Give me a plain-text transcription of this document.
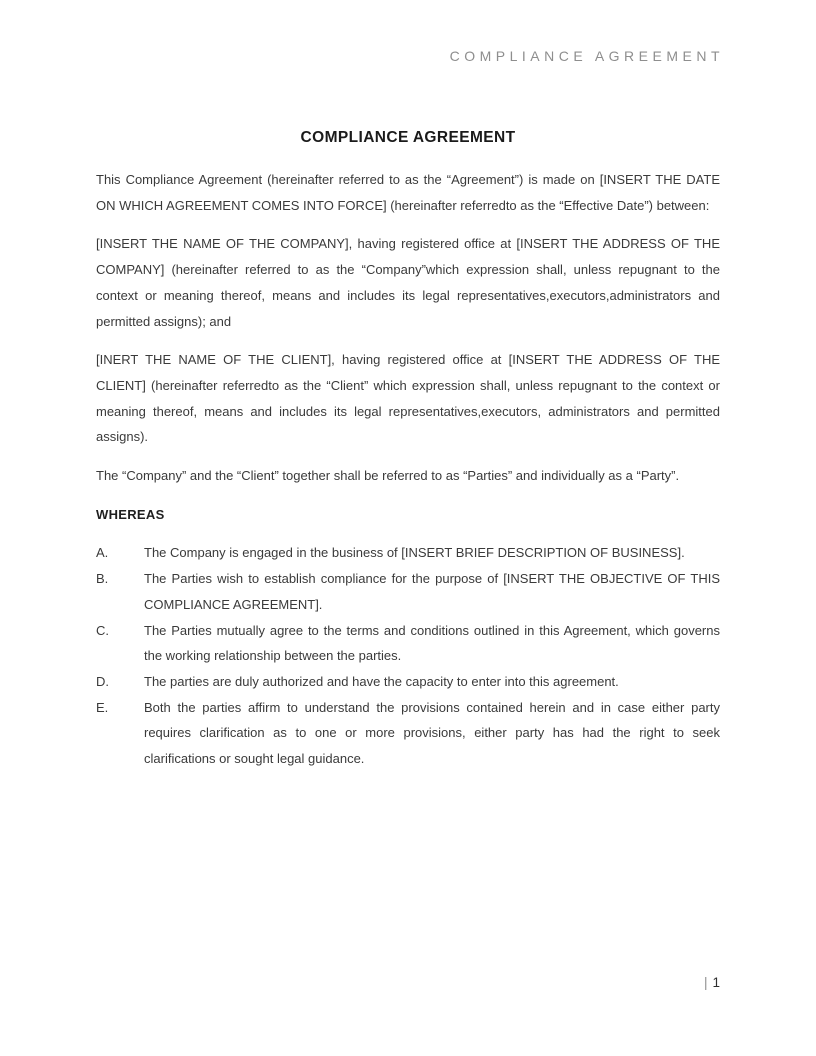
COMPLIANCE AGREEMENT
COMPLIANCE AGREEMENT

This Compliance Agreement (hereinafter referred to as the “Agreement”) is made on [INSERT THE DATE ON WHICH AGREEMENT COMES INTO FORCE] (hereinafter referredto as the “Effective Date”) between:

[INSERT THE NAME OF THE COMPANY], having registered office at [INSERT THE ADDRESS OF THE COMPANY] (hereinafter referred to as the “Company”which expression shall, unless repugnant to the context or meaning thereof, means and includes its legal representatives,executors,administrators and permitted assigns); and

[INERT THE NAME OF THE CLIENT], having registered office at [INSERT THE ADDRESS OF THE CLIENT] (hereinafter referredto as the “Client” which expression shall, unless repugnant to the context or meaning thereof, means and includes its legal representatives,executors, administrators and permitted assigns).

The “Company” and the “Client” together shall be referred to as “Parties” and individually as a “Party”.

WHEREAS
A.	The Company is engaged in the business of [INSERT BRIEF DESCRIPTION OF BUSINESS].
B.	The Parties wish to establish compliance for the purpose of [INSERT THE OBJECTIVE OF THIS COMPLIANCE AGREEMENT].
C.	The Parties mutually agree to the terms and conditions outlined in this Agreement, which governs the working relationship between the parties.
D.	The parties are duly authorized and have the capacity to enter into this agreement.
E.	Both the parties affirm to understand the provisions contained herein and in case either party requires clarification as to one or more provisions, either party has had the right to seek clarifications or sought legal guidance.
| 1
